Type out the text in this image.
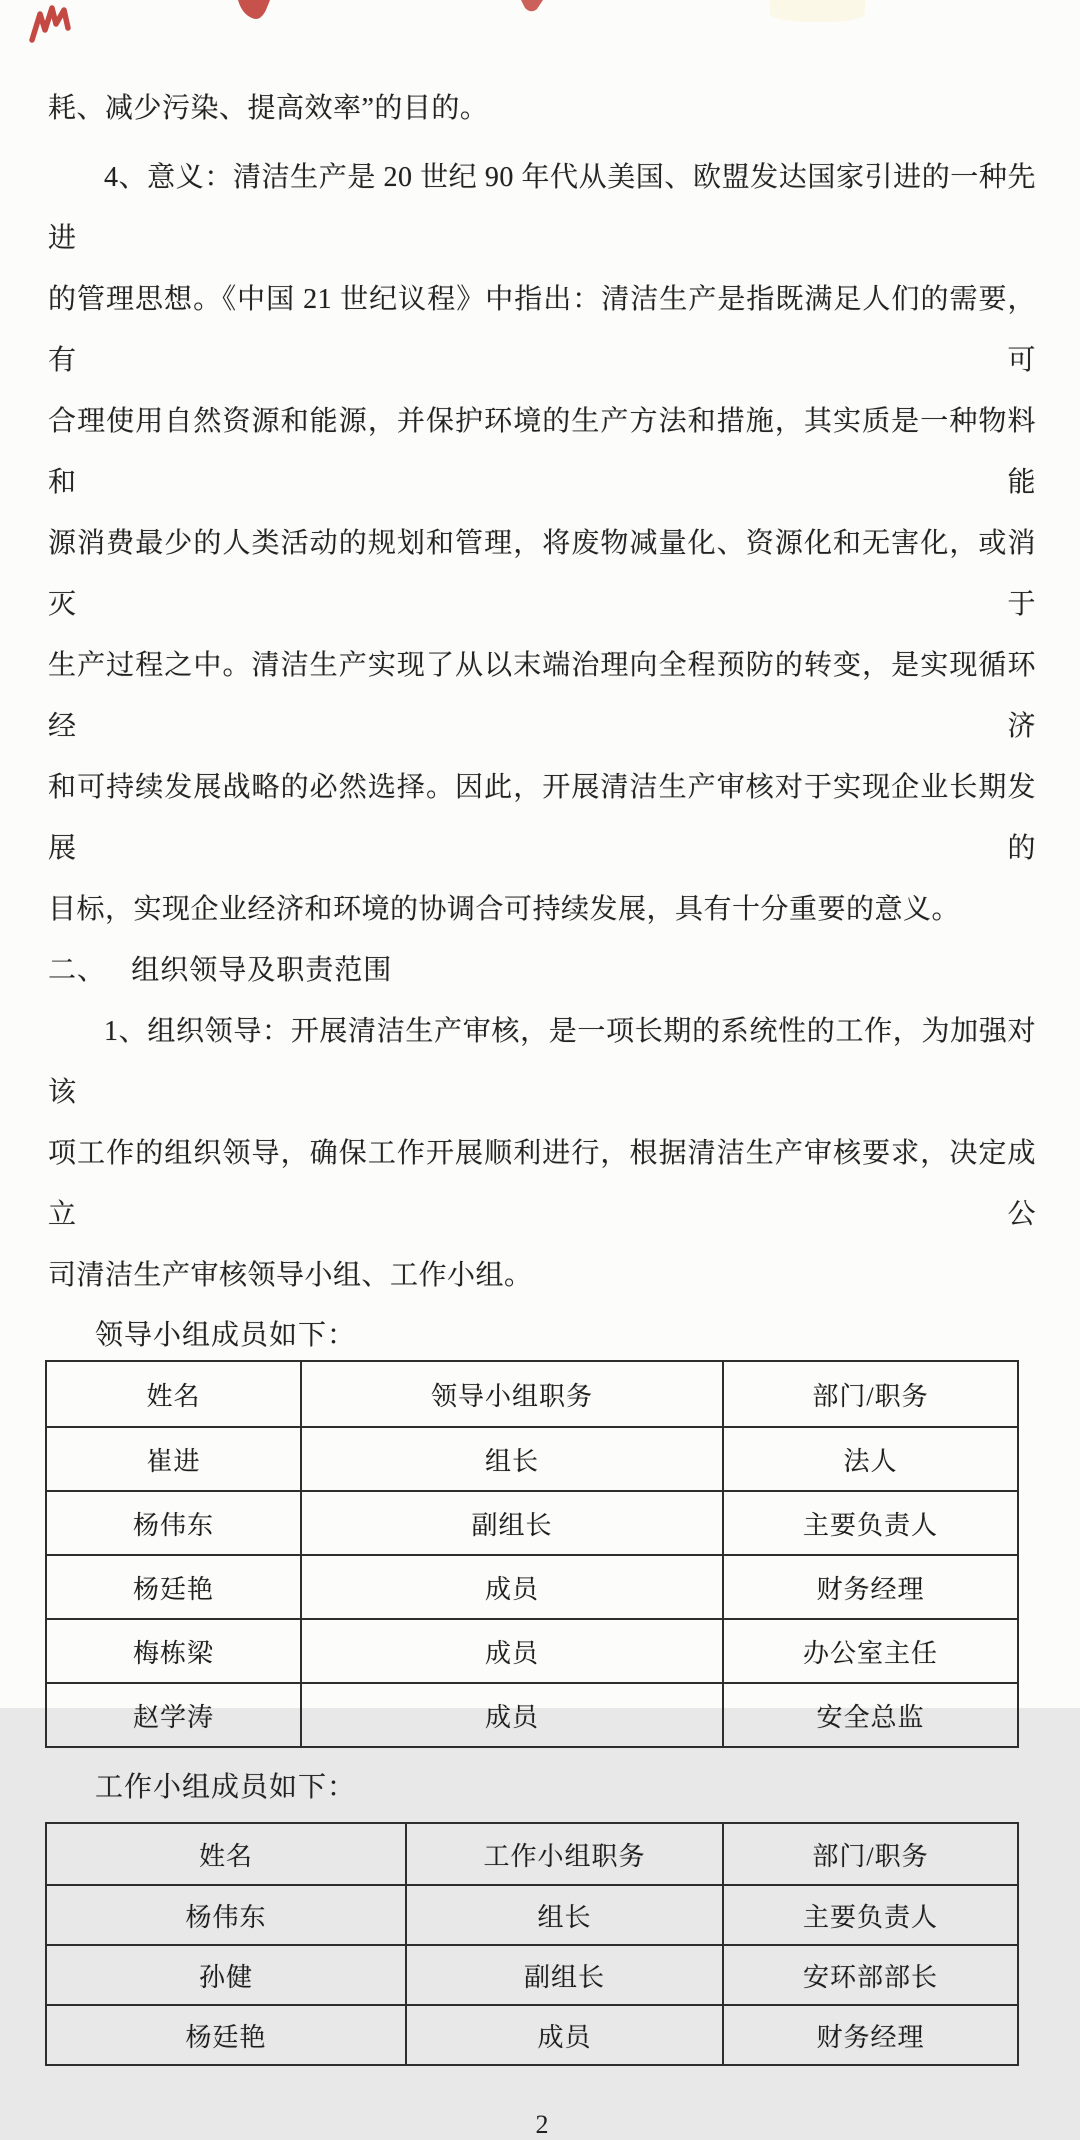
耗、减少污染、提高效率”的目的。
4、意义：清洁生产是 20 世纪 90 年代从美国、欧盟发达国家引进的一种先进
的管理思想。《中国 21 世纪议程》中指出：清洁生产是指既满足人们的需要，有可
合理使用自然资源和能源，并保护环境的生产方法和措施，其实质是一种物料和能
源消费最少的人类活动的规划和管理，将废物减量化、资源化和无害化，或消灭于
生产过程之中。清洁生产实现了从以末端治理向全程预防的转变，是实现循环经济
和可持续发展战略的必然选择。因此，开展清洁生产审核对于实现企业长期发展的
目标，实现企业经济和环境的协调合可持续发展，具有十分重要的意义。
二、 组织领导及职责范围
1、组织领导：开展清洁生产审核，是一项长期的系统性的工作，为加强对该
项工作的组织领导，确保工作开展顺利进行，根据清洁生产审核要求，决定成立公
司清洁生产审核领导小组、工作小组。
领导小组成员如下：
姓名	领导小组职务	部门/职务
崔进	组长	法人
杨伟东	副组长	主要负责人
杨廷艳	成员	财务经理
梅栋梁	成员	办公室主任
赵学涛	成员	安全总监
工作小组成员如下：
姓名	工作小组职务	部门/职务
杨伟东	组长	主要负责人
孙健	副组长	安环部部长
杨廷艳	成员	财务经理
2
